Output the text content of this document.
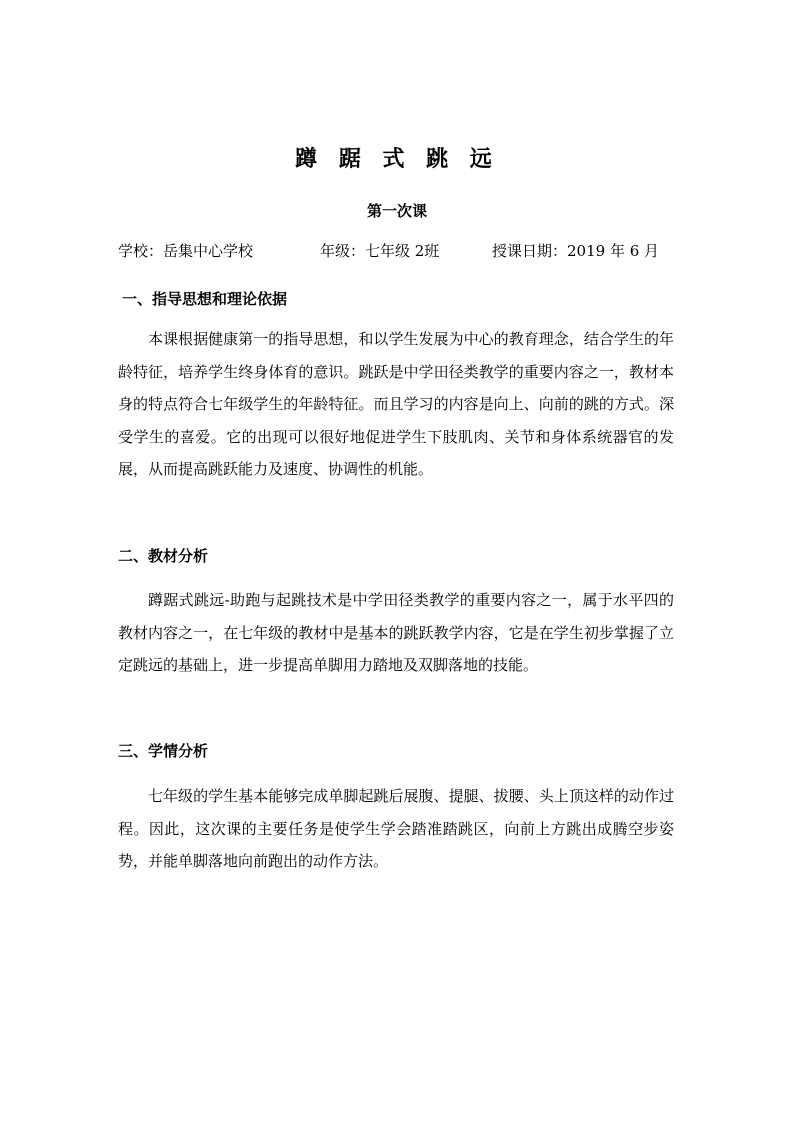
蹲 踞 式 跳 远
第一次课
学校：岳集中心学校	年级：七年级 2班	授课日期：2019 年 6 月
一、指导思想和理论依据

本课根据健康第一的指导思想，和以学生发展为中心的教育理念，结合学生的年龄特征，培养学生终身体育的意识。跳跃是中学田径类教学的重要内容之一，教材本身的特点符合七年级学生的年龄特征。而且学习的内容是向上、向前的跳的方式。深受学生的喜爱。它的出现可以很好地促进学生下肢肌肉、关节和身体系统器官的发展，从而提高跳跃能力及速度、协调性的机能。

二、教材分析

蹲踞式跳远-助跑与起跳技术是中学田径类教学的重要内容之一，属于水平四的教材内容之一，在七年级的教材中是基本的跳跃教学内容，它是在学生初步掌握了立定跳远的基础上，进一步提高单脚用力踏地及双脚落地的技能。

三、学情分析

七年级的学生基本能够完成单脚起跳后展腹、提腿、拔腰、头上顶这样的动作过程。因此，这次课的主要任务是使学生学会踏准踏跳区，向前上方跳出成腾空步姿势，并能单脚落地向前跑出的动作方法。
